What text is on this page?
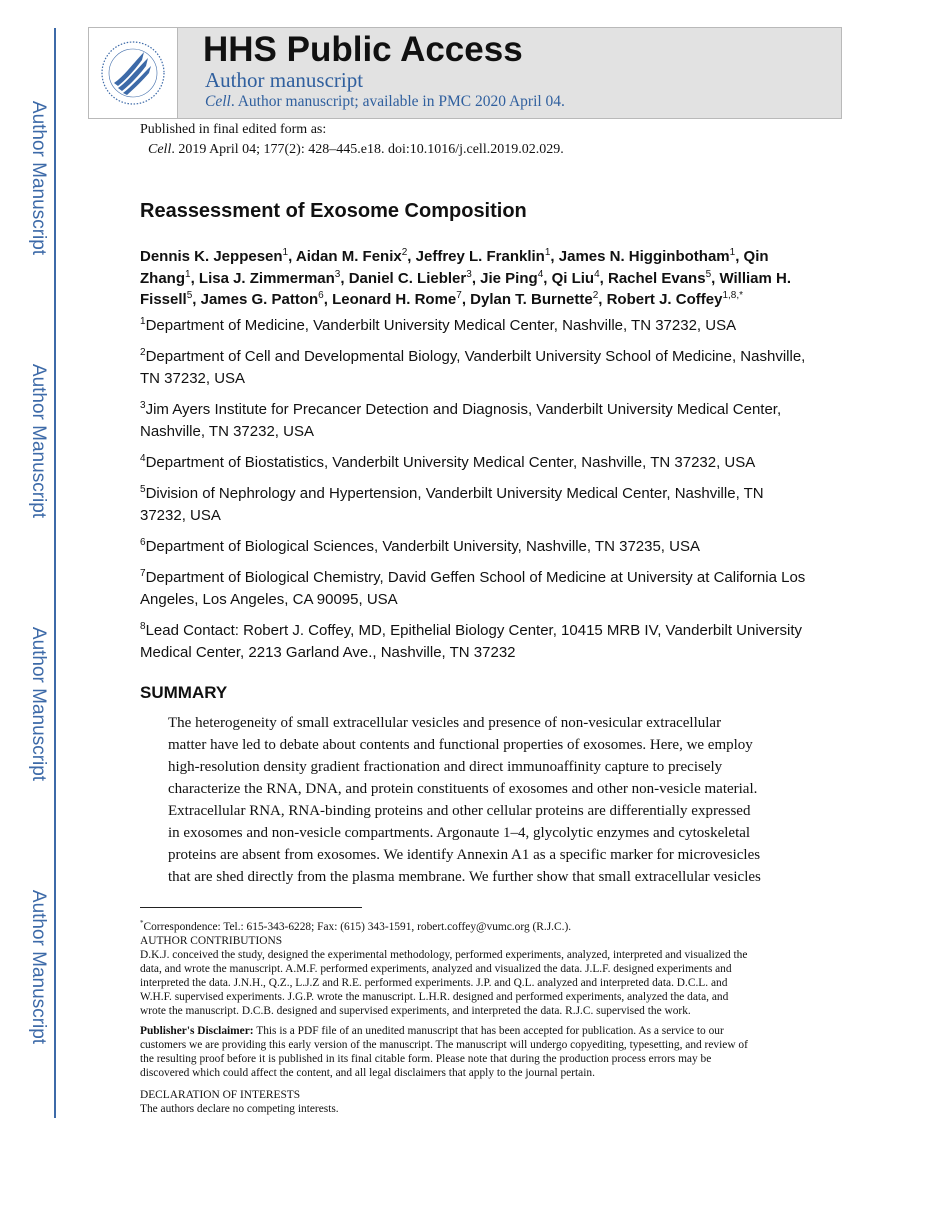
Author Manuscript
Author Manuscript
Author Manuscript
Author Manuscript
HHS Public Access
Author manuscript
Cell. Author manuscript; available in PMC 2020 April 04.
Published in final edited form as:
Cell. 2019 April 04; 177(2): 428–445.e18. doi:10.1016/j.cell.2019.02.029.
Reassessment of Exosome Composition
Dennis K. Jeppesen$^1$, Aidan M. Fenix$^2$, Jeffrey L. Franklin$^1$, James N. Higginbotham$^1$, Qin Zhang$^1$, Lisa J. Zimmerman$^3$, Daniel C. Liebler$^3$, Jie Ping$^4$, Qi Liu$^4$, Rachel Evans$^5$, William H. Fissell$^5$, James G. Patton$^6$, Leonard H. Rome$^7$, Dylan T. Burnette$^2$, Robert J. Coffey$^{1,8,*}$
$^1$Department of Medicine, Vanderbilt University Medical Center, Nashville, TN 37232, USA
$^2$Department of Cell and Developmental Biology, Vanderbilt University School of Medicine, Nashville, TN 37232, USA
$^3$Jim Ayers Institute for Precancer Detection and Diagnosis, Vanderbilt University Medical Center, Nashville, TN 37232, USA
$^4$Department of Biostatistics, Vanderbilt University Medical Center, Nashville, TN 37232, USA
$^5$Division of Nephrology and Hypertension, Vanderbilt University Medical Center, Nashville, TN 37232, USA
$^6$Department of Biological Sciences, Vanderbilt University, Nashville, TN 37235, USA
$^7$Department of Biological Chemistry, David Geffen School of Medicine at University at California Los Angeles, Los Angeles, CA 90095, USA
$^8$Lead Contact: Robert J. Coffey, MD, Epithelial Biology Center, 10415 MRB IV, Vanderbilt University Medical Center, 2213 Garland Ave., Nashville, TN 37232
SUMMARY
The heterogeneity of small extracellular vesicles and presence of non-vesicular extracellular
matter have led to debate about contents and functional properties of exosomes. Here, we employ
high-resolution density gradient fractionation and direct immunoaffinity capture to precisely
characterize the RNA, DNA, and protein constituents of exosomes and other non-vesicle material.
Extracellular RNA, RNA-binding proteins and other cellular proteins are differentially expressed
in exosomes and non-vesicle compartments. Argonaute 1–4, glycolytic enzymes and cytoskeletal
proteins are absent from exosomes. We identify Annexin A1 as a specific marker for microvesicles
that are shed directly from the plasma membrane. We further show that small extracellular vesicles
*Correspondence: Tel.: 615-343-6228; Fax: (615) 343-1591, robert.coffey@vumc.org (R.J.C.).
AUTHOR CONTRIBUTIONS
D.K.J. conceived the study, designed the experimental methodology, performed experiments, analyzed, interpreted and visualized the
data, and wrote the manuscript. A.M.F. performed experiments, analyzed and visualized the data. J.L.F. designed experiments and
interpreted the data. J.N.H., Q.Z., L.J.Z and R.E. performed experiments. J.P. and Q.L. analyzed and interpreted data. D.C.L. and
W.H.F. supervised experiments. J.G.P. wrote the manuscript. L.H.R. designed and performed experiments, analyzed the data, and
wrote the manuscript. D.C.B. designed and supervised experiments, and interpreted the data. R.J.C. supervised the work.
Publisher's Disclaimer: This is a PDF file of an unedited manuscript that has been accepted for publication. As a service to our
customers we are providing this early version of the manuscript. The manuscript will undergo copyediting, typesetting, and review of
the resulting proof before it is published in its final citable form. Please note that during the production process errors may be
discovered which could affect the content, and all legal disclaimers that apply to the journal pertain.
DECLARATION OF INTERESTS
The authors declare no competing interests.
